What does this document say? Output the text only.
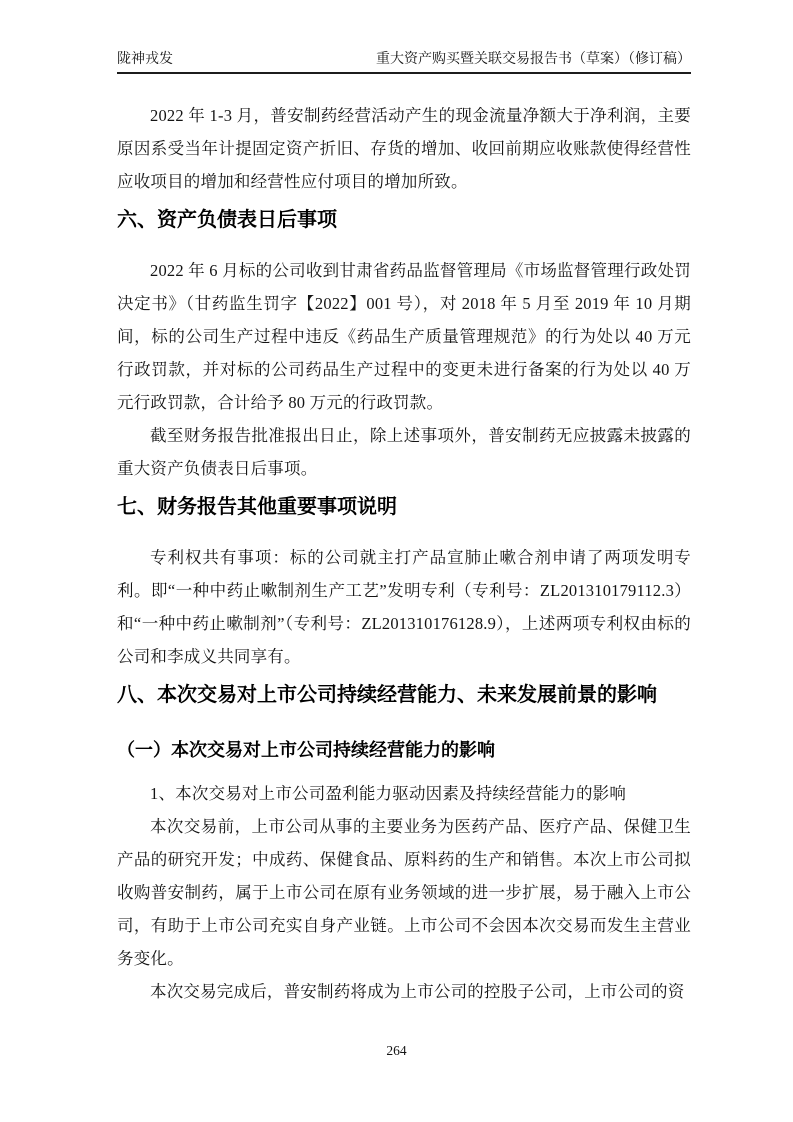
陇神戎发	重大资产购买暨关联交易报告书（草案）（修订稿）

2022 年 1-3 月，普安制药经营活动产生的现金流量净额大于净利润，主要原因系受当年计提固定资产折旧、存货的增加、收回前期应收账款使得经营性应收项目的增加和经营性应付项目的增加所致。

六、资产负债表日后事项

2022 年 6 月标的公司收到甘肃省药品监督管理局《市场监督管理行政处罚决定书》（甘药监生罚字【2022】001 号），对 2018 年 5 月至 2019 年 10 月期间，标的公司生产过程中违反《药品生产质量管理规范》的行为处以 40 万元行政罚款，并对标的公司药品生产过程中的变更未进行备案的行为处以 40 万元行政罚款，合计给予 80 万元的行政罚款。

截至财务报告批准报出日止，除上述事项外，普安制药无应披露未披露的重大资产负债表日后事项。

七、财务报告其他重要事项说明

专利权共有事项：标的公司就主打产品宣肺止嗽合剂申请了两项发明专利。即“一种中药止嗽制剂生产工艺”发明专利（专利号：ZL201310179112.3）和“一种中药止嗽制剂”（专利号：ZL201310176128.9），上述两项专利权由标的公司和李成义共同享有。

八、本次交易对上市公司持续经营能力、未来发展前景的影响
（一）本次交易对上市公司持续经营能力的影响

1、本次交易对上市公司盈利能力驱动因素及持续经营能力的影响

本次交易前，上市公司从事的主要业务为医药产品、医疗产品、保健卫生产品的研究开发；中成药、保健食品、原料药的生产和销售。本次上市公司拟收购普安制药，属于上市公司在原有业务领域的进一步扩展，易于融入上市公司，有助于上市公司充实自身产业链。上市公司不会因本次交易而发生主营业务变化。

本次交易完成后，普安制药将成为上市公司的控股子公司，上市公司的资

264
